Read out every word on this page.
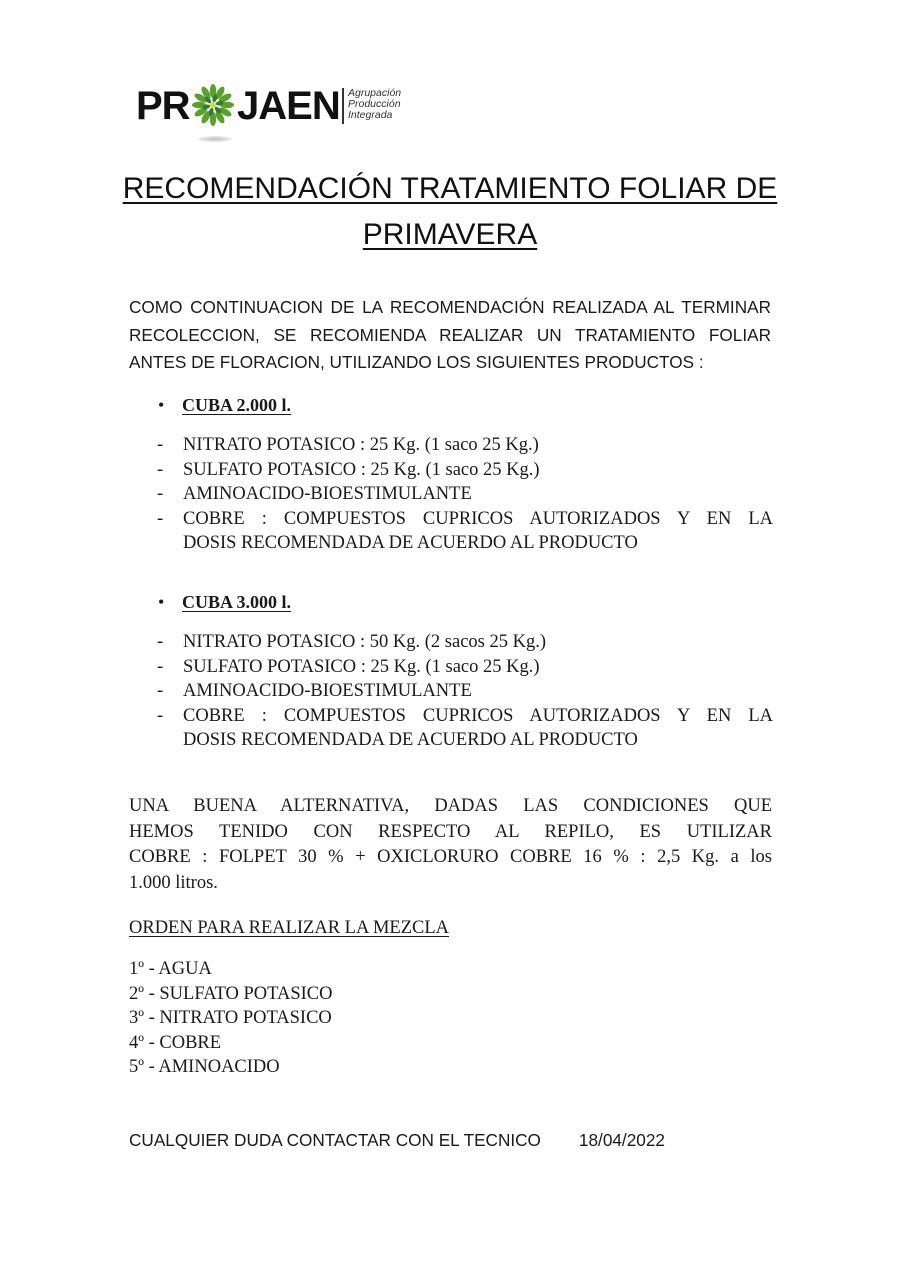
PR JAEN Agrupación
Producción
Integrada
RECOMENDACIÓN TRATAMIENTO FOLIAR DE
PRIMAVERA
COMO CONTINUACION DE LA RECOMENDACIÓN REALIZADA AL TERMINAR
RECOLECCION, SE RECOMIENDA REALIZAR UN TRATAMIENTO FOLIAR
ANTES DE FLORACION, UTILIZANDO LOS SIGUIENTES PRODUCTOS :
• CUBA 2.000 l.
- NITRATO POTASICO : 25 Kg. (1 saco 25 Kg.)
- SULFATO POTASICO : 25 Kg. (1 saco 25 Kg.)
- AMINOACIDO-BIOESTIMULANTE
- COBRE : COMPUESTOS CUPRICOS AUTORIZADOS Y EN LA
DOSIS RECOMENDADA DE ACUERDO AL PRODUCTO
• CUBA 3.000 l.
- NITRATO POTASICO : 50 Kg. (2 sacos 25 Kg.)
- SULFATO POTASICO : 25 Kg. (1 saco 25 Kg.)
- AMINOACIDO-BIOESTIMULANTE
- COBRE : COMPUESTOS CUPRICOS AUTORIZADOS Y EN LA
DOSIS RECOMENDADA DE ACUERDO AL PRODUCTO
UNA BUENA ALTERNATIVA, DADAS LAS CONDICIONES QUE
HEMOS TENIDO CON RESPECTO AL REPILO, ES UTILIZAR
COBRE : FOLPET 30 % + OXICLORURO COBRE 16 % : 2,5 Kg. a los
1.000 litros.
ORDEN PARA REALIZAR LA MEZCLA
1º - AGUA
2º - SULFATO POTASICO
3º - NITRATO POTASICO
4º - COBRE
5º - AMINOACIDO
CUALQUIER DUDA CONTACTAR CON EL TECNICO 18/04/2022
